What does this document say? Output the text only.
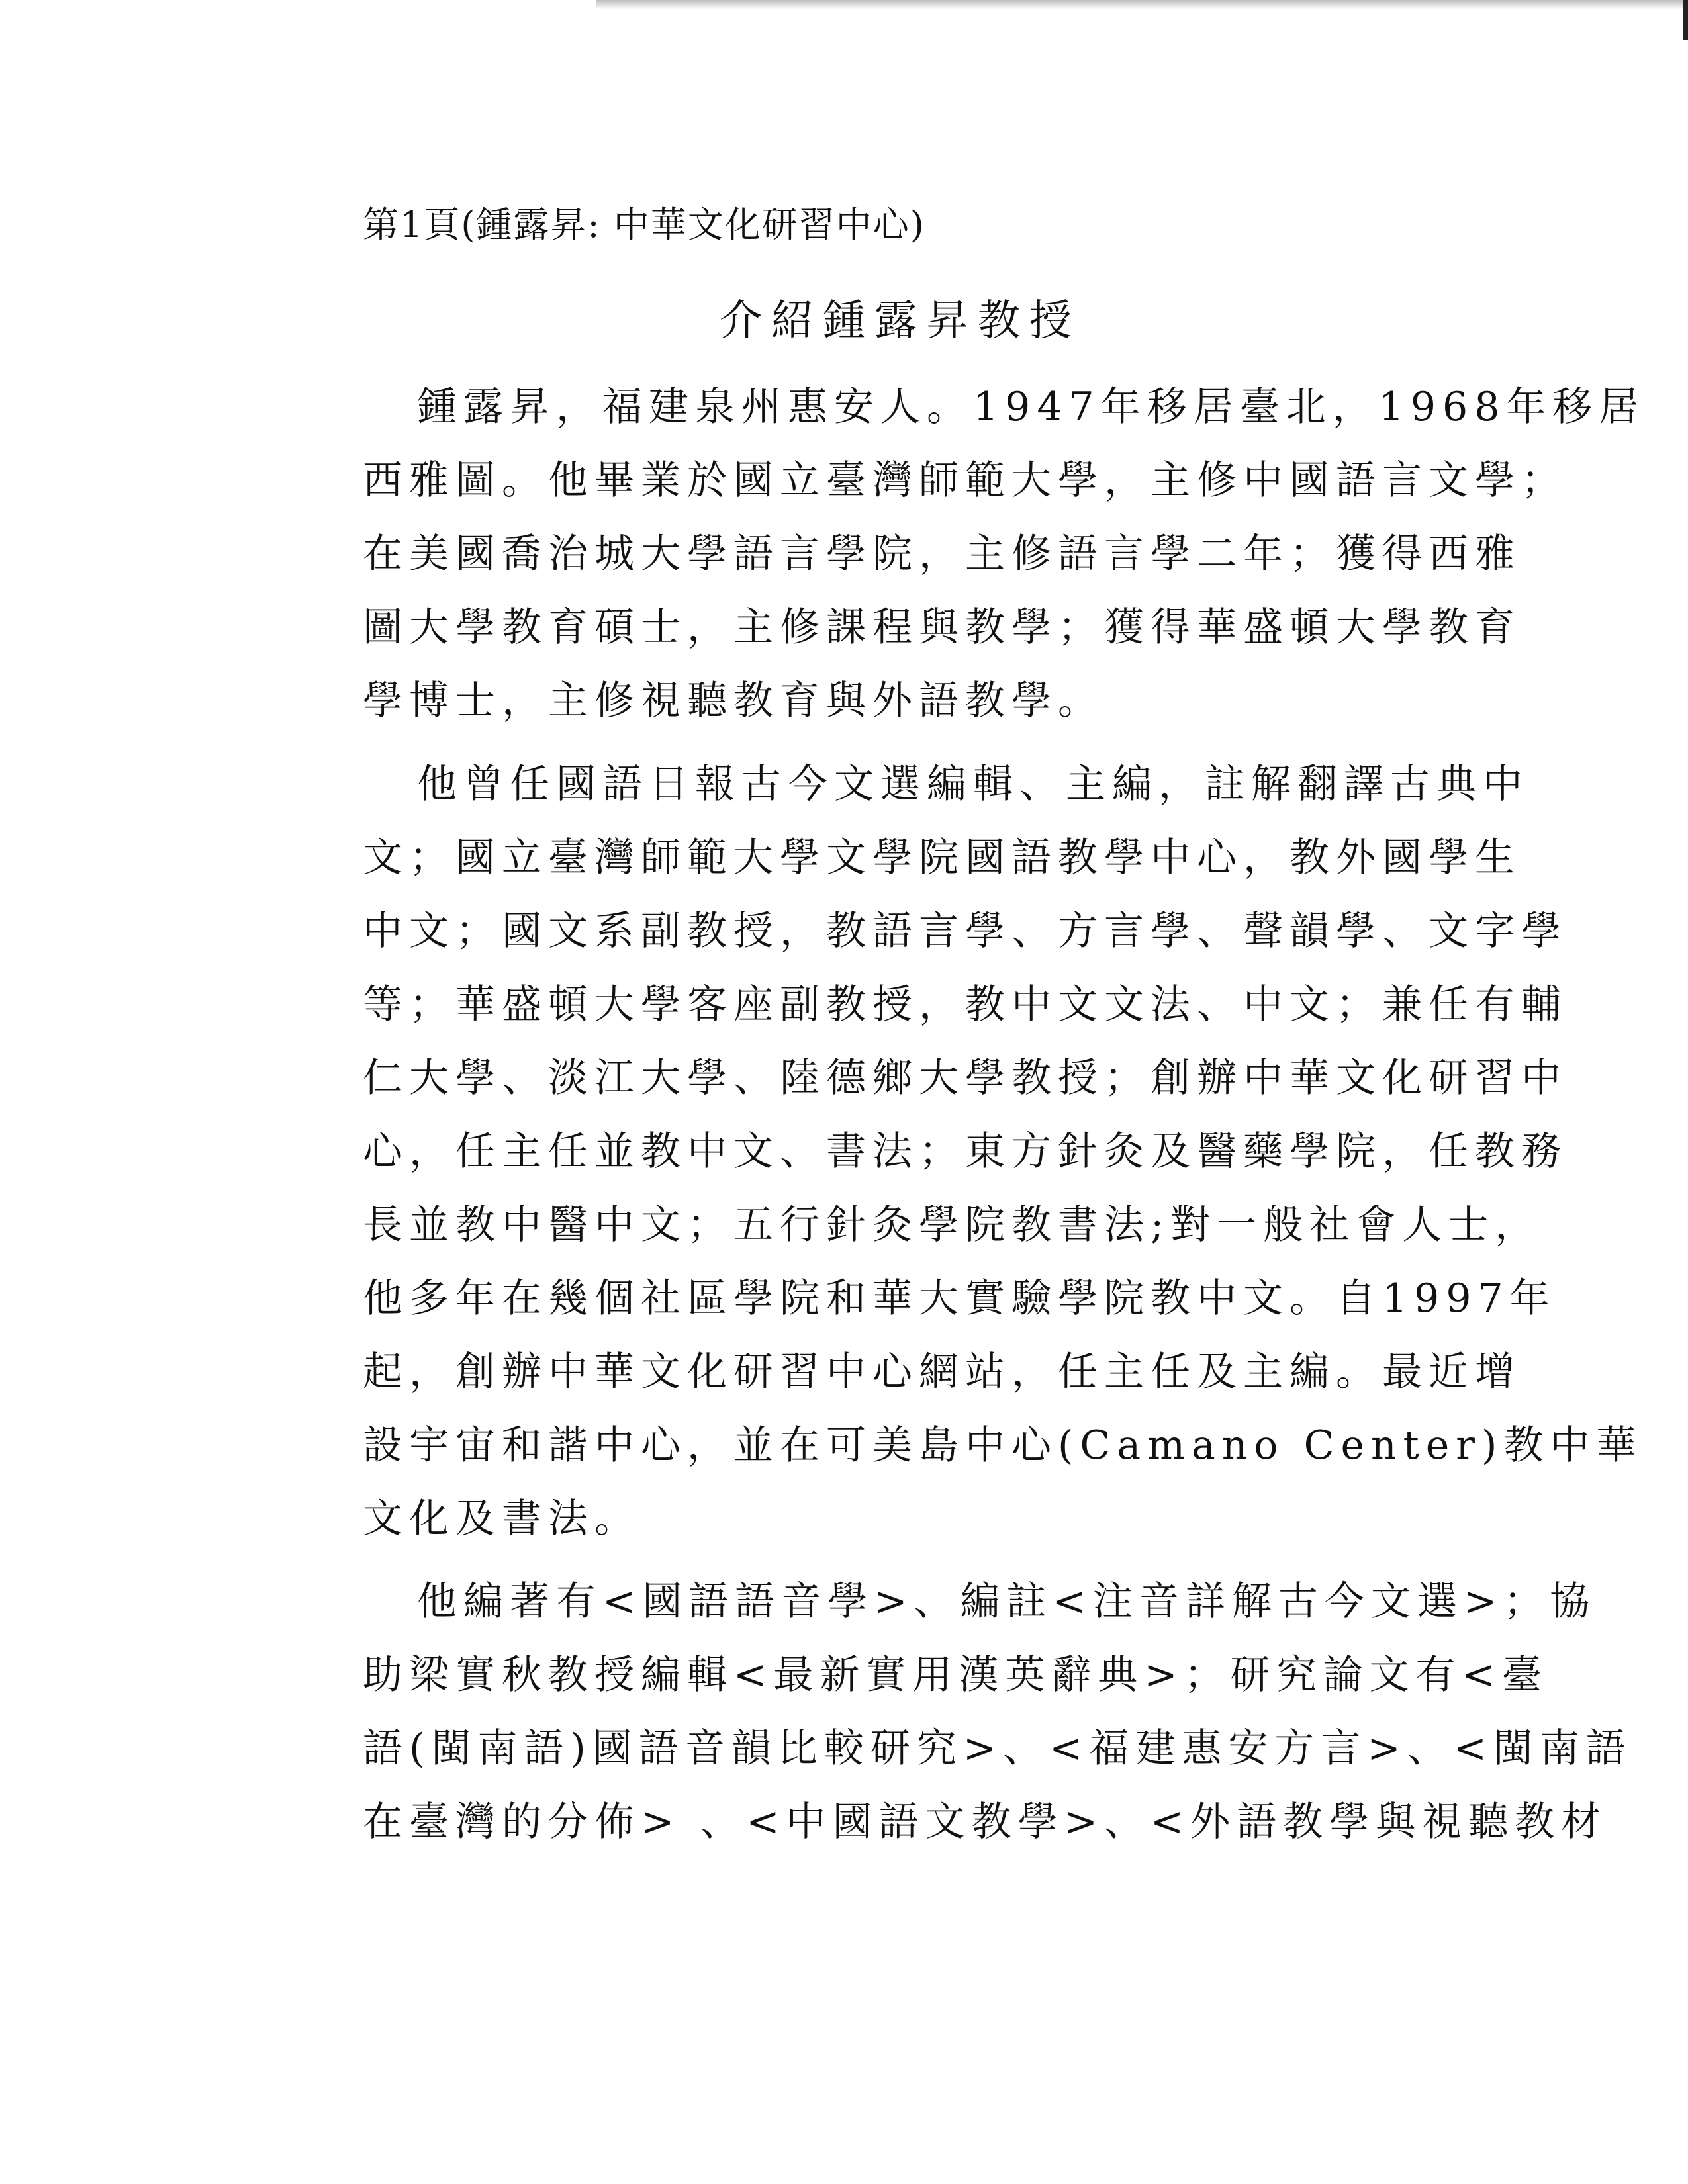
第1頁(鍾露昇: 中華文化研習中心)
介紹鍾露昇教授
鍾露昇，福建泉州惠安人。1947年移居臺北，1968年移居
西雅圖。他畢業於國立臺灣師範大學，主修中國語言文學；
在美國喬治城大學語言學院，主修語言學二年；獲得西雅
圖大學教育碩士，主修課程與教學；獲得華盛頓大學教育
學博士，主修視聽教育與外語教學。
他曾任國語日報古今文選編輯、主編，註解翻譯古典中
文；國立臺灣師範大學文學院國語教學中心，教外國學生
中文；國文系副教授，教語言學、方言學、聲韻學、文字學
等；華盛頓大學客座副教授，教中文文法、中文；兼任有輔
仁大學、淡江大學、陸德鄉大學教授；創辦中華文化研習中
心，任主任並教中文、書法；東方針灸及醫藥學院，任教務
長並教中醫中文；五行針灸學院教書法;對一般社會人士，
他多年在幾個社區學院和華大實驗學院教中文。自1997年
起，創辦中華文化研習中心網站，任主任及主編。最近增
設宇宙和諧中心，並在可美島中心(Camano Center)教中華
文化及書法。
他編著有<國語語音學>、編註<注音詳解古今文選>；協
助梁實秋教授編輯<最新實用漢英辭典>；研究論文有<臺
語(閩南語)國語音韻比較研究>、<福建惠安方言>、<閩南語
在臺灣的分佈> 、<中國語文教學>、<外語教學與視聽教材
